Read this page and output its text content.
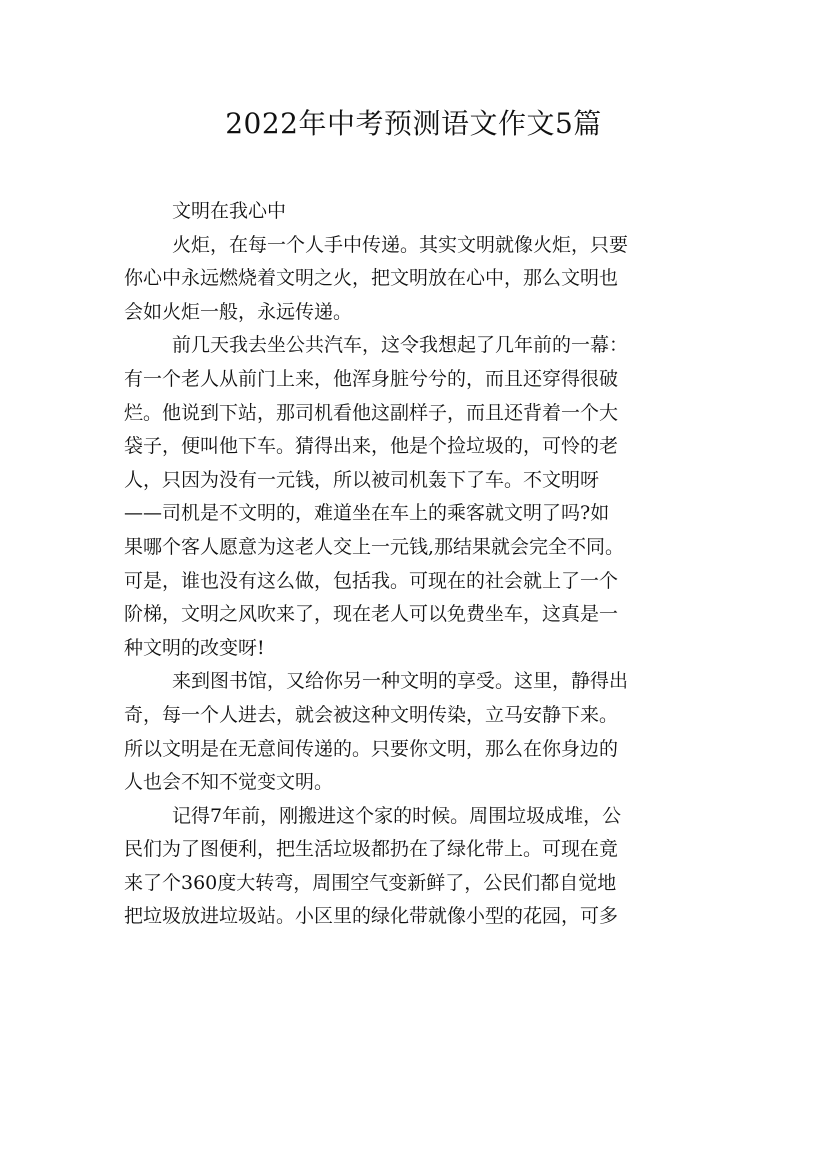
2022年中考预测语文作文5篇
文明在我心中
火炬，在每一个人手中传递。其实文明就像火炬，只要
你心中永远燃烧着文明之火，把文明放在心中，那么文明也
会如火炬一般，永远传递。
前几天我去坐公共汽车，这令我想起了几年前的一幕：
有一个老人从前门上来，他浑身脏兮兮的，而且还穿得很破
烂。他说到下站，那司机看他这副样子，而且还背着一个大
袋子，便叫他下车。猜得出来，他是个捡垃圾的，可怜的老
人，只因为没有一元钱，所以被司机轰下了车。不文明呀
——司机是不文明的，难道坐在车上的乘客就文明了吗?如
果哪个客人愿意为这老人交上一元钱,那结果就会完全不同。
可是，谁也没有这么做，包括我。可现在的社会就上了一个
阶梯，文明之风吹来了，现在老人可以免费坐车，这真是一
种文明的改变呀!
来到图书馆，又给你另一种文明的享受。这里，静得出
奇，每一个人进去，就会被这种文明传染，立马安静下来。
所以文明是在无意间传递的。只要你文明，那么在你身边的
人也会不知不觉变文明。
记得7年前，刚搬进这个家的时候。周围垃圾成堆，公
民们为了图便利，把生活垃圾都扔在了绿化带上。可现在竟
来了个360度大转弯，周围空气变新鲜了，公民们都自觉地
把垃圾放进垃圾站。小区里的绿化带就像小型的花园，可多
